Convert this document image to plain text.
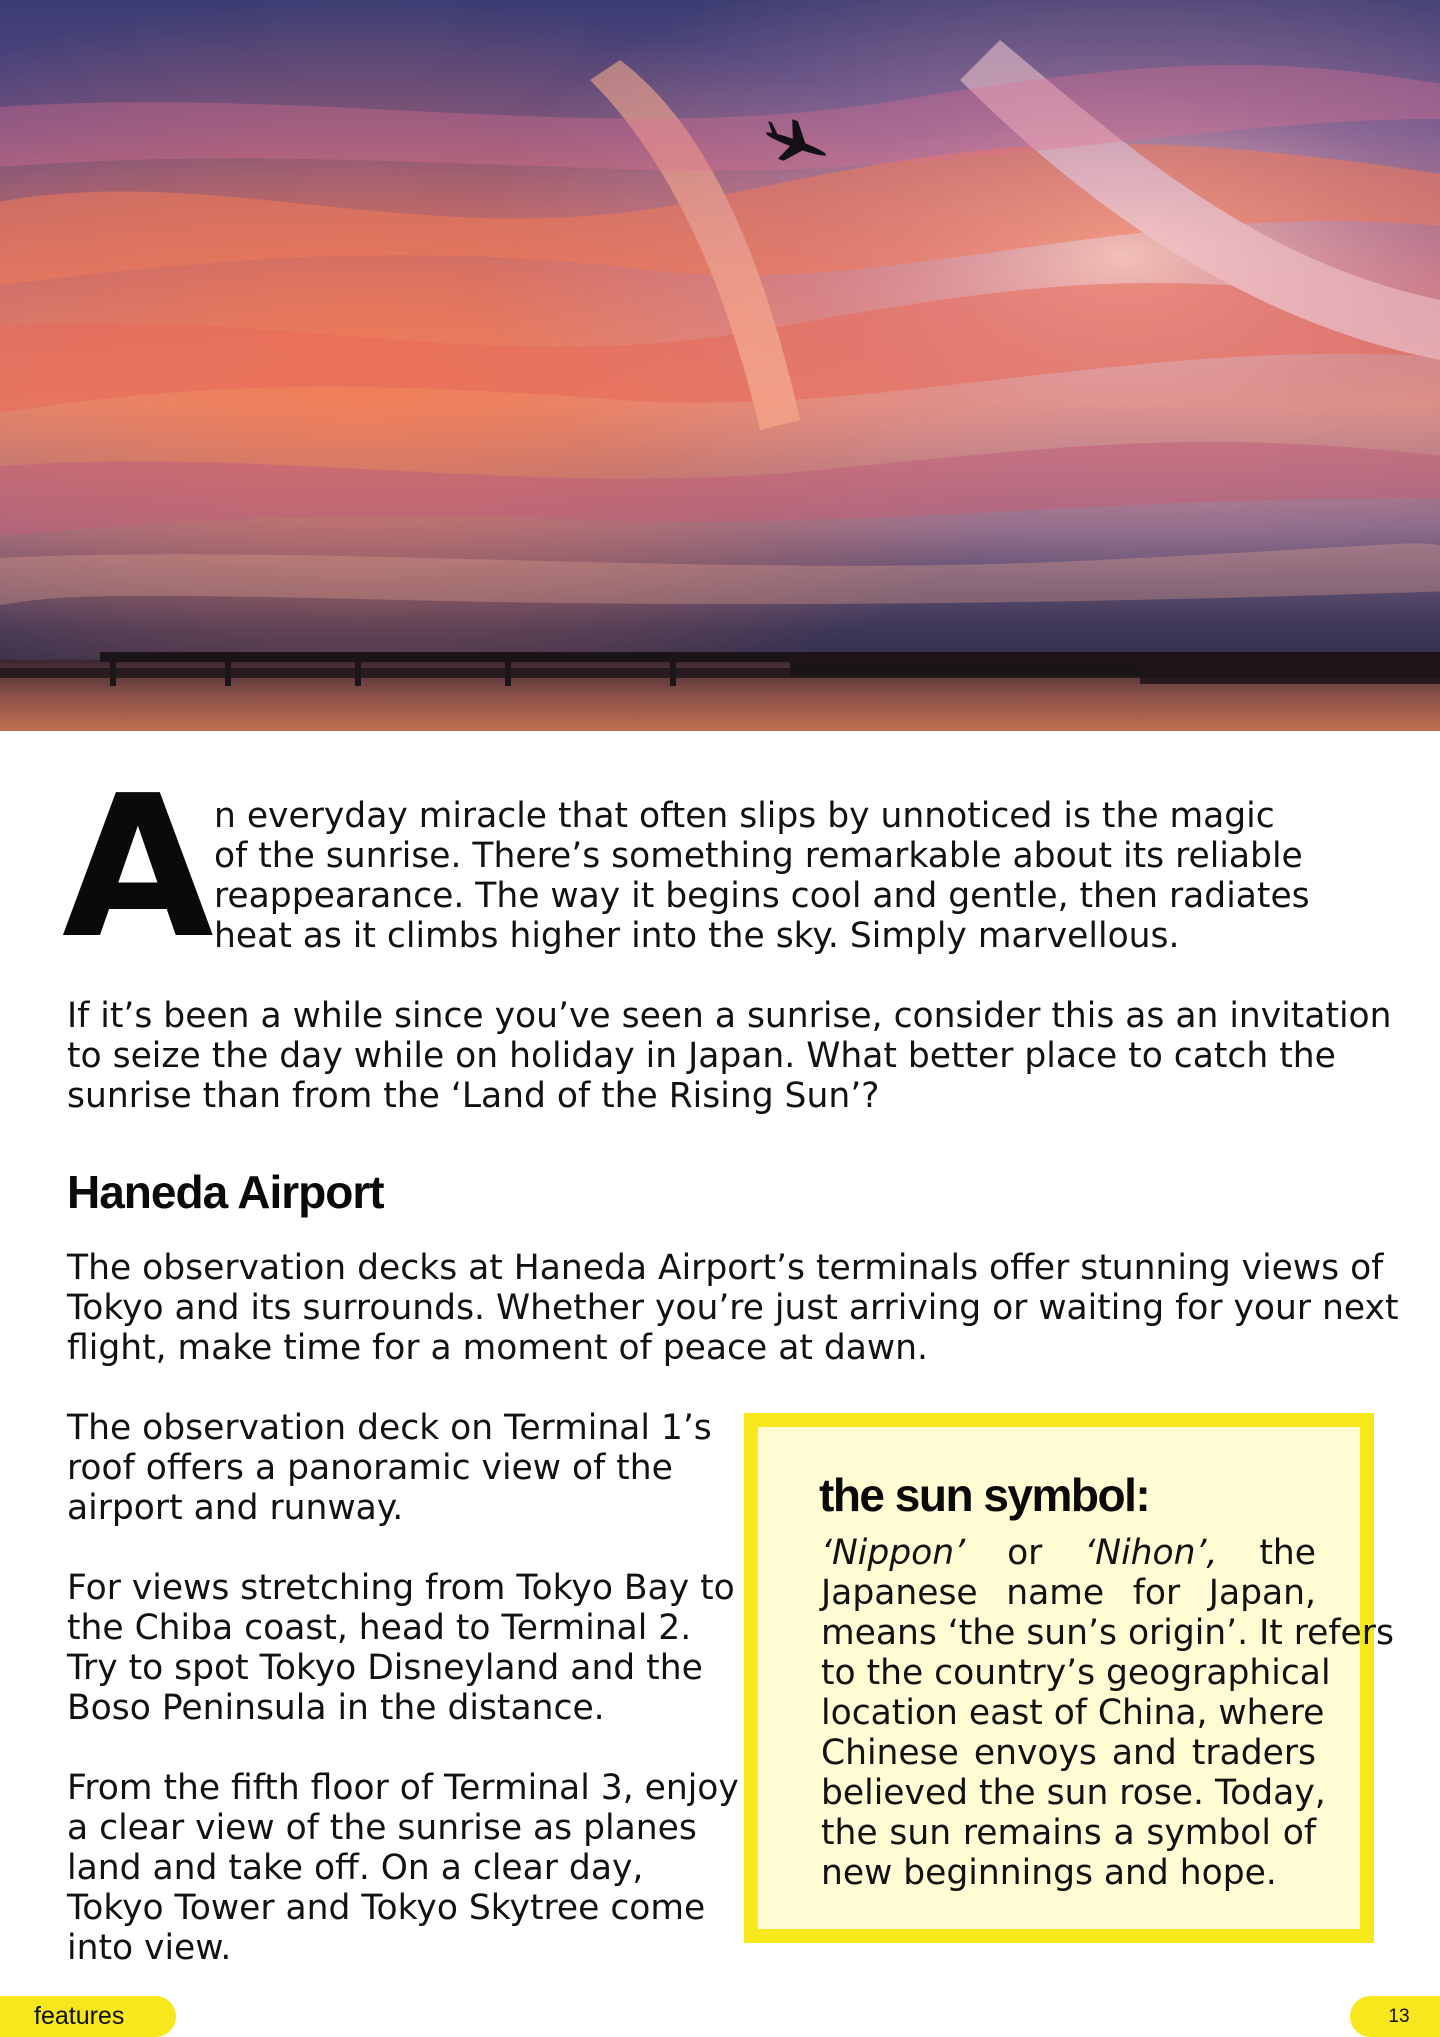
A n everyday miracle that often slips by unnoticed is the magic
of the sunrise. There’s something remarkable about its reliable
reappearance. The way it begins cool and gentle, then radiates
heat as it climbs higher into the sky. Simply marvellous.
If it’s been a while since you’ve seen a sunrise, consider this as an invitation
to seize the day while on holiday in Japan. What better place to catch the
sunrise than from the ‘Land of the Rising Sun’?
Haneda Airport
The observation decks at Haneda Airport’s terminals offer stunning views of
Tokyo and its surrounds. Whether you’re just arriving or waiting for your next
flight, make time for a moment of peace at dawn.
The observation deck on Terminal 1’s
roof offers a panoramic view of the
airport and runway.
For views stretching from Tokyo Bay to
the Chiba coast, head to Terminal 2.
Try to spot Tokyo Disneyland and the
Boso Peninsula in the distance.
From the fifth floor of Terminal 3, enjoy
a clear view of the sunrise as planes
land and take off. On a clear day,
Tokyo Tower and Tokyo Skytree come
into view.
the sun symbol:
‘Nippon’ or ‘Nihon’, the
Japanese name for Japan,
means ‘the sun’s origin’. It refers
to the country’s geographical
location east of China, where
Chinese envoys and traders
believed the sun rose. Today,
the sun remains a symbol of
new beginnings and hope.
features	13
